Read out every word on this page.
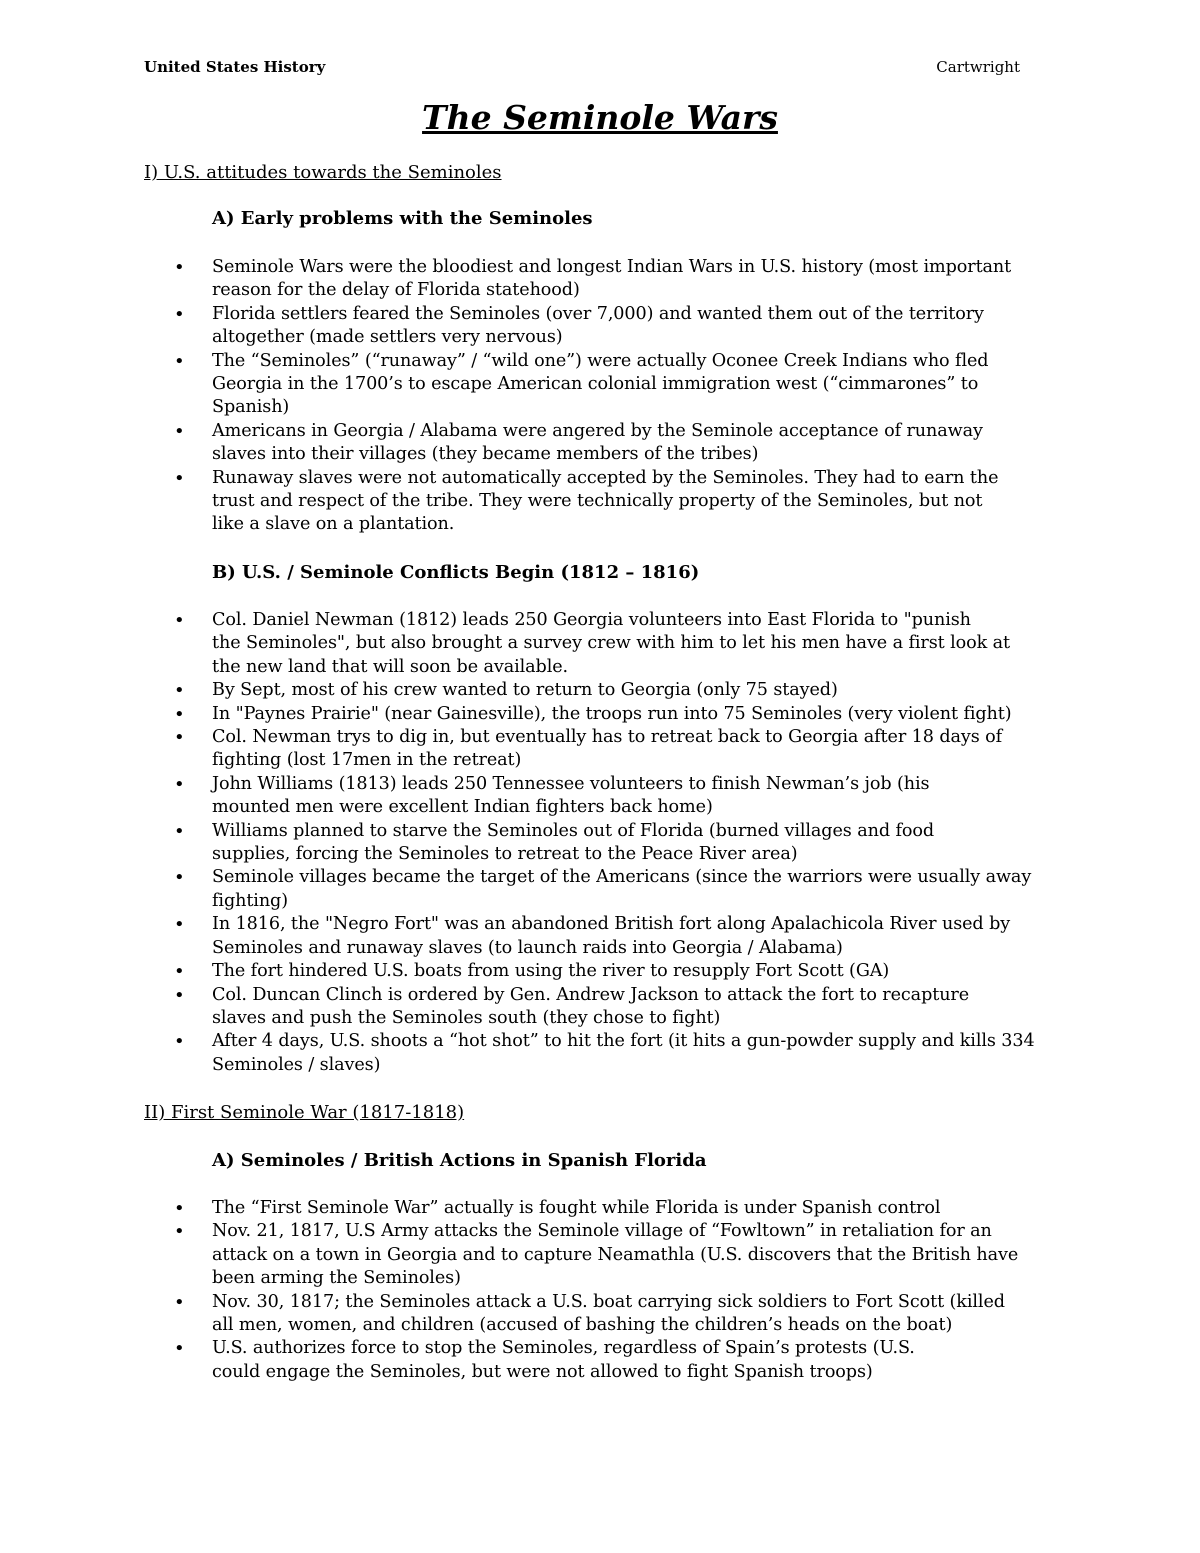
United States History	Cartwright
The Seminole Wars
I) U.S. attitudes towards the Seminoles
A) Early problems with the Seminoles
• Seminole Wars were the bloodiest and longest Indian Wars in U.S. history (most important
reason for the delay of Florida statehood)
• Florida settlers feared the Seminoles (over 7,000) and wanted them out of the territory
altogether (made settlers very nervous)
• The “Seminoles” (“runaway” / “wild one”) were actually Oconee Creek Indians who fled
Georgia in the 1700’s to escape American colonial immigration west (“cimmarones” to
Spanish)
• Americans in Georgia / Alabama were angered by the Seminole acceptance of runaway
slaves into their villages (they became members of the tribes)
• Runaway slaves were not automatically accepted by the Seminoles. They had to earn the
trust and respect of the tribe. They were technically property of the Seminoles, but not
like a slave on a plantation.
B) U.S. / Seminole Conflicts Begin (1812 – 1816)
• Col. Daniel Newman (1812) leads 250 Georgia volunteers into East Florida to "punish
the Seminoles", but also brought a survey crew with him to let his men have a first look at
the new land that will soon be available.
• By Sept, most of his crew wanted to return to Georgia (only 75 stayed)
• In "Paynes Prairie" (near Gainesville), the troops run into 75 Seminoles (very violent fight)
• Col. Newman trys to dig in, but eventually has to retreat back to Georgia after 18 days of
fighting (lost 17men in the retreat)
• John Williams (1813) leads 250 Tennessee volunteers to finish Newman’s job (his
mounted men were excellent Indian fighters back home)
• Williams planned to starve the Seminoles out of Florida (burned villages and food
supplies, forcing the Seminoles to retreat to the Peace River area)
• Seminole villages became the target of the Americans (since the warriors were usually away
fighting)
• In 1816, the "Negro Fort" was an abandoned British fort along Apalachicola River used by
Seminoles and runaway slaves (to launch raids into Georgia / Alabama)
• The fort hindered U.S. boats from using the river to resupply Fort Scott (GA)
• Col. Duncan Clinch is ordered by Gen. Andrew Jackson to attack the fort to recapture
slaves and push the Seminoles south (they chose to fight)
• After 4 days, U.S. shoots a “hot shot” to hit the fort (it hits a gun-powder supply and kills 334
Seminoles / slaves)
II) First Seminole War (1817-1818)
A) Seminoles / British Actions in Spanish Florida
• The “First Seminole War” actually is fought while Florida is under Spanish control
• Nov. 21, 1817, U.S Army attacks the Seminole village of “Fowltown” in retaliation for an
attack on a town in Georgia and to capture Neamathla (U.S. discovers that the British have
been arming the Seminoles)
• Nov. 30, 1817; the Seminoles attack a U.S. boat carrying sick soldiers to Fort Scott (killed
all men, women, and children (accused of bashing the children’s heads on the boat)
• U.S. authorizes force to stop the Seminoles, regardless of Spain’s protests (U.S.
could engage the Seminoles, but were not allowed to fight Spanish troops)
